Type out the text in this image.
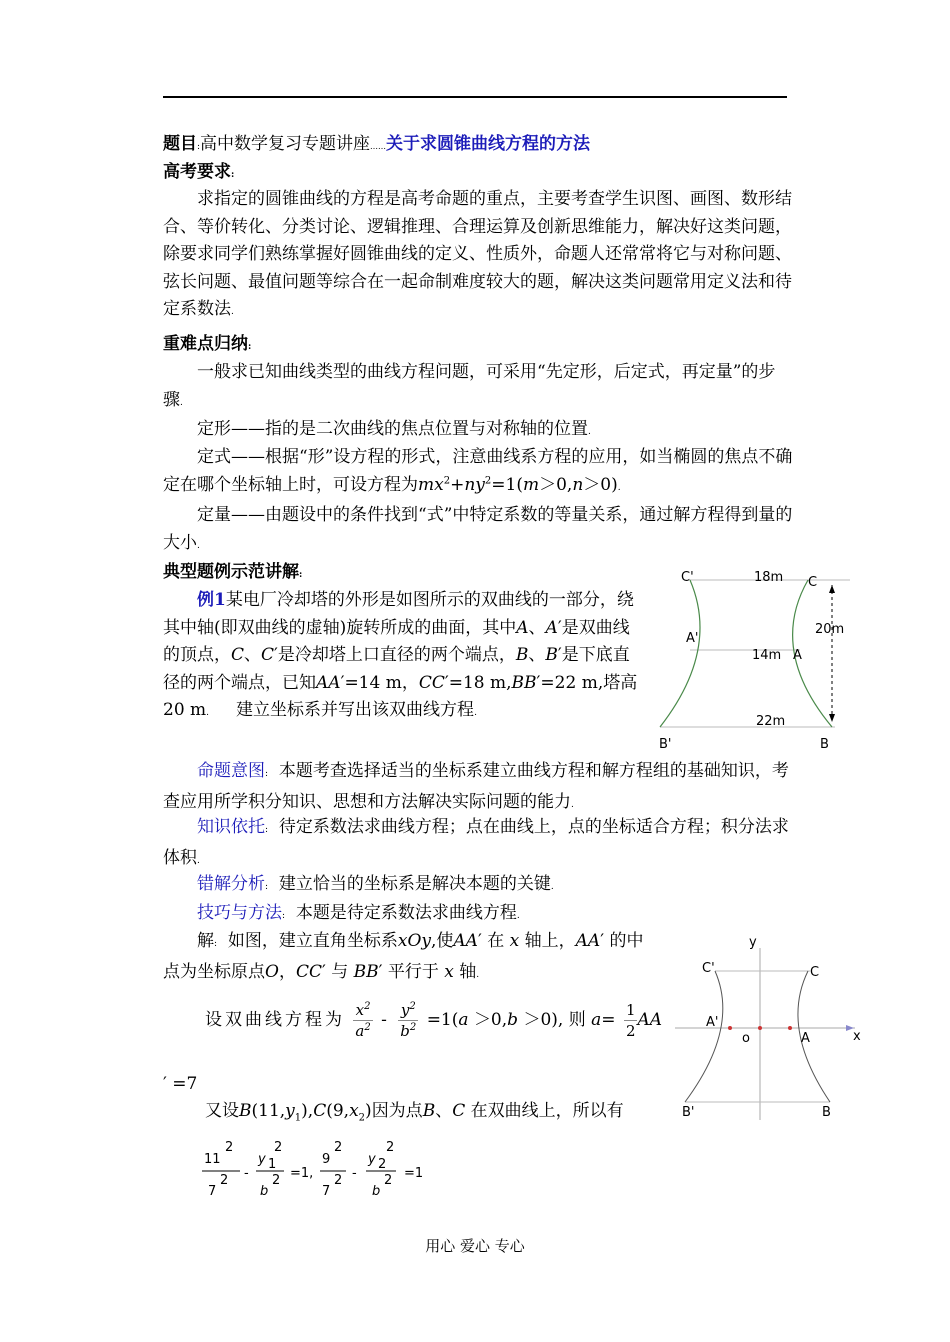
题目:高中数学复习专题讲座……关于求圆锥曲线方程的方法
高考要求:
求指定的圆锥曲线的方程是高考命题的重点，主要考查学生识图、画图、数形结合、等价转化、分类讨论、逻辑推理、合理运算及创新思维能力，解决好这类问题，除要求同学们熟练掌握好圆锥曲线的定义、性质外，命题人还常常将它与对称问题、弦长问题、最值问题等综合在一起命制难度较大的题，解决这类问题常用定义法和待定系数法.
重难点归纳:
一般求已知曲线类型的曲线方程问题，可采用“先定形，后定式，再定量”的步骤.
定形——指的是二次曲线的焦点位置与对称轴的位置.
定式——根据“形”设方程的形式，注意曲线系方程的应用，如当椭圆的焦点不确定在哪个坐标轴上时，可设方程为$mx^2+ny^2=1(m>0,n>0)$.
定量——由题设中的条件找到“式”中特定系数的等量关系，通过解方程得到量的大小.
典型题例示范讲解:
例1某电厂冷却塔的外形是如图所示的双曲线的一部分，绕其中轴(即双曲线的虚轴)旋转所成的曲面，其中A、A′是双曲线的顶点，C、C′是冷却塔上口直径的两个端点，B、B′是下底直径的两个端点，已知AA′=14 m，CC′=18 m,BB′=22 m,塔高20 m. 建立坐标系并写出该双曲线方程.
命题意图: 本题考查选择适当的坐标系建立曲线方程和解方程组的基础知识，考查应用所学积分知识、思想和方法解决实际问题的能力.
知识依托: 待定系数法求曲线方程；点在曲线上，点的坐标适合方程；积分法求体积.
错解分析: 建立恰当的坐标系是解决本题的关键.
技巧与方法: 本题是待定系数法求曲线方程.
解: 如图，建立直角坐标系xOy,使AA′ 在 x 轴上，AA′ 的中点为坐标原点O，CC′ 与 BB′ 平行于 x 轴.
设双曲线方程为 $\frac{x^2}{a^2} - \frac{y^2}{b^2} =1(a >0,b >0)$, 则 $a= \frac{1}{2}$ AA
′ =7
又设$B(11,y_1),C(9,x_2)$因为点B、C 在双曲线上，所以有
11
2
7
2 -
y 1
2
b
2 =1,
9
2
7
2 -
y 2
2
b
2 =1
C'	18m C
20m
A'
14m A
22m
B'	B
y
C'	C
A'
o	A	x
B'	B
用心 爱心 专心
